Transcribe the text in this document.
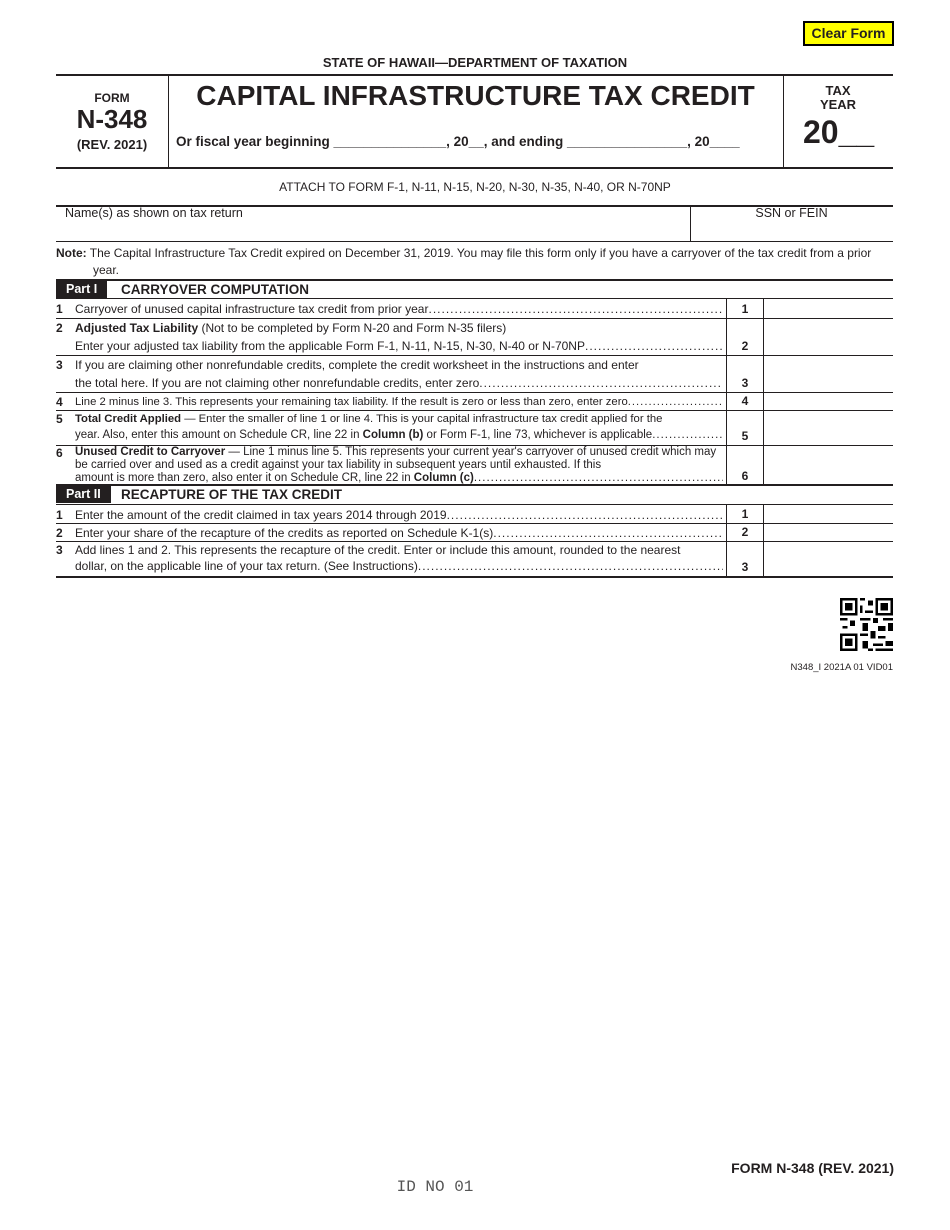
Clear Form
STATE OF HAWAII—DEPARTMENT OF TAXATION
FORM
N-348
(REV. 2021)
CAPITAL INFRASTRUCTURE TAX CREDIT
Or fiscal year beginning _______________, 20__, and ending ________________, 20____
TAX
YEAR
20__
ATTACH TO FORM F-1, N-11, N-15, N-20, N-30, N-35, N-40, OR N-70NP
Name(s) as shown on tax return	SSN or FEIN
Note: The Capital Infrastructure Tax Credit expired on December 31, 2019. You may file this form only if you have a carryover of the tax credit from a prior year.
Part I	CARRYOVER COMPUTATION
1 Carryover of unused capital infrastructure tax credit from prior year .....	1
2 Adjusted Tax Liability (Not to be completed by Form N-20 and Form N-35 filers)
Enter your adjusted tax liability from the applicable Form F-1, N-11, N-15, N-30, N-40 or N-70NP .....	2
3 If you are claiming other nonrefundable credits, complete the credit worksheet in the instructions and enter
the total here. If you are not claiming other nonrefundable credits, enter zero .....	3
4 Line 2 minus line 3. This represents your remaining tax liability. If the result is zero or less than zero, enter zero .....	4
5 Total Credit Applied — Enter the smaller of line 1 or line 4. This is your capital infrastructure tax credit applied for the
year. Also, enter this amount on Schedule CR, line 22 in Column (b) or Form F-1, line 73, whichever is applicable .....	5
6 Unused Credit to Carryover — Line 1 minus line 5. This represents your current year's carryover of unused credit which may be carried over and used as a credit against your tax liability in subsequent years until exhausted. If this
amount is more than zero, also enter it on Schedule CR, line 22 in Column (c) .....	6
Part II	RECAPTURE OF THE TAX CREDIT
1 Enter the amount of the credit claimed in tax years 2014 through 2019 .....	1
2 Enter your share of the recapture of the credits as reported on Schedule K-1(s) .....	2
3 Add lines 1 and 2. This represents the recapture of the credit. Enter or include this amount, rounded to the nearest
dollar, on the applicable line of your tax return. (See Instructions) .....	3
N348_I 2021A 01 VID01
FORM N-348 (REV. 2021)
ID NO 01
